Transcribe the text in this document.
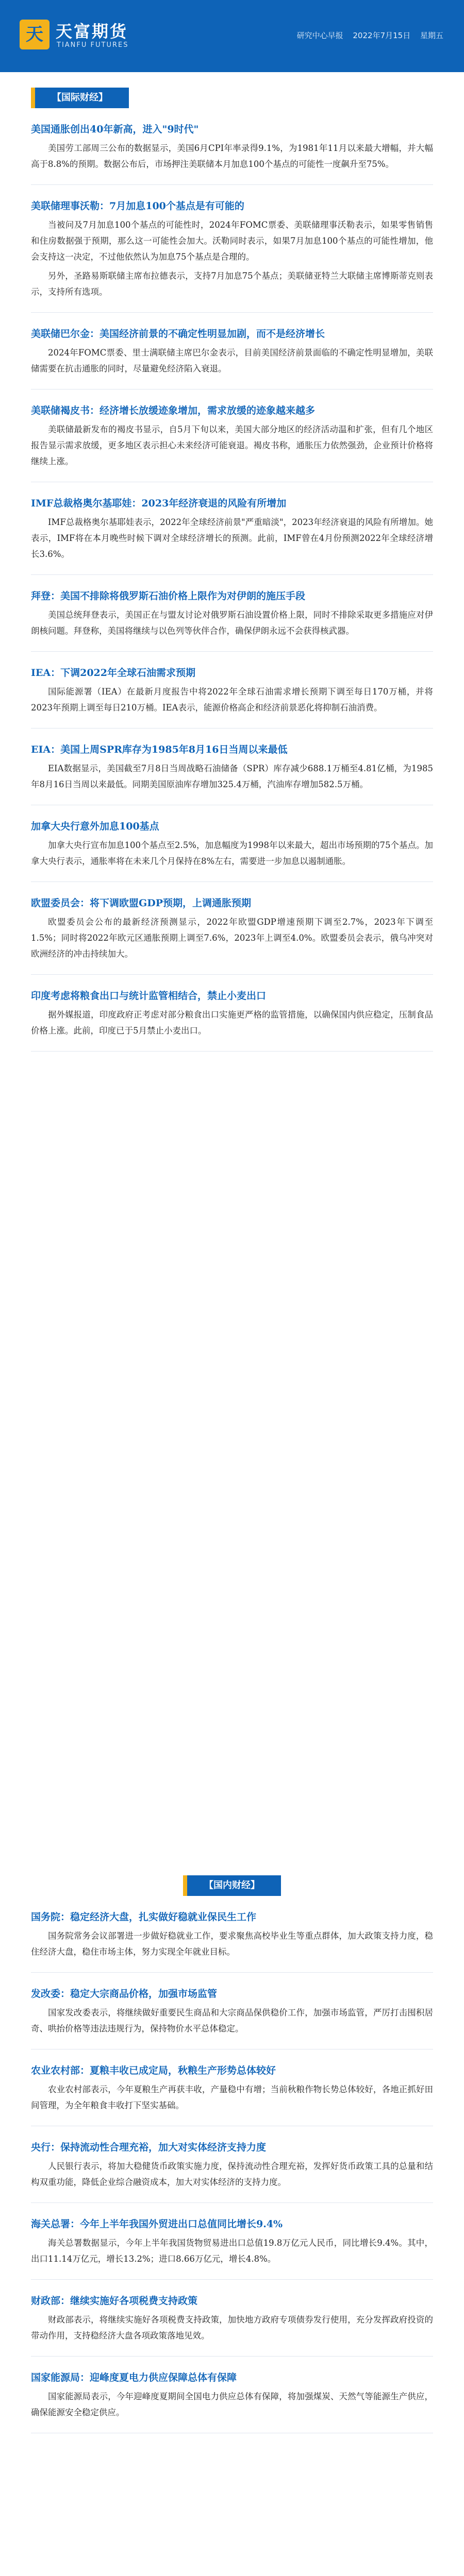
天 天富期货
TIANFU FUTURES
研究中心早报 2022年7月15日 星期五
【国际财经】
美国通胀创出40年新高，进入"9时代"
美国劳工部周三公布的数据显示，美国6月CPI年率录得9.1%，为1981年11月以来最大增幅，并大幅高于8.8%的预期。数据公布后，市场押注美联储本月加息100个基点的可能性一度飙升至75%。
美联储理事沃勒：7月加息100个基点是有可能的
当被问及7月加息100个基点的可能性时，2024年FOMC票委、美联储理事沃勒表示，如果零售销售和住房数据强于预期，那么这一可能性会加大。沃勒同时表示，如果7月加息100个基点的可能性增加，他会支持这一决定，不过他依然认为加息75个基点是合理的。
另外，圣路易斯联储主席布拉德表示，支持7月加息75个基点；美联储亚特兰大联储主席博斯蒂克则表示，支持所有选项。
美联储巴尔金：美国经济前景的不确定性明显加剧，而不是经济增长
2024年FOMC票委、里士满联储主席巴尔金表示，目前美国经济前景面临的不确定性明显增加，美联储需要在抗击通胀的同时，尽量避免经济陷入衰退。
美联储褐皮书：经济增长放缓迹象增加，需求放缓的迹象越来越多
美联储最新发布的褐皮书显示，自5月下旬以来，美国大部分地区的经济活动温和扩张，但有几个地区报告显示需求放缓，更多地区表示担心未来经济可能衰退。褐皮书称，通胀压力依然强劲，企业预计价格将继续上涨。
IMF总裁格奥尔基耶娃：2023年经济衰退的风险有所增加
IMF总裁格奥尔基耶娃表示，2022年全球经济前景"严重暗淡"，2023年经济衰退的风险有所增加。她表示，IMF将在本月晚些时候下调对全球经济增长的预测。此前，IMF曾在4月份预测2022年全球经济增长3.6%。
拜登：美国不排除将俄罗斯石油价格上限作为对伊朗的施压手段
美国总统拜登表示，美国正在与盟友讨论对俄罗斯石油设置价格上限，同时不排除采取更多措施应对伊朗核问题。拜登称，美国将继续与以色列等伙伴合作，确保伊朗永远不会获得核武器。
IEA：下调2022年全球石油需求预期
国际能源署（IEA）在最新月度报告中将2022年全球石油需求增长预期下调至每日170万桶，并将2023年预期上调至每日210万桶。IEA表示，能源价格高企和经济前景恶化将抑制石油消费。
EIA：美国上周SPR库存为1985年8月16日当周以来最低
EIA数据显示，美国截至7月8日当周战略石油储备（SPR）库存减少688.1万桶至4.81亿桶，为1985年8月16日当周以来最低。同期美国原油库存增加325.4万桶，汽油库存增加582.5万桶。
加拿大央行意外加息100基点
加拿大央行宣布加息100个基点至2.5%，加息幅度为1998年以来最大，超出市场预期的75个基点。加拿大央行表示，通胀率将在未来几个月保持在8%左右，需要进一步加息以遏制通胀。
欧盟委员会：将下调欧盟GDP预期，上调通胀预期
欧盟委员会公布的最新经济预测显示，2022年欧盟GDP增速预期下调至2.7%，2023年下调至1.5%；同时将2022年欧元区通胀预期上调至7.6%，2023年上调至4.0%。欧盟委员会表示，俄乌冲突对欧洲经济的冲击持续加大。
印度考虑将粮食出口与统计监管相结合，禁止小麦出口
据外媒报道，印度政府正考虑对部分粮食出口实施更严格的监管措施，以确保国内供应稳定，压制食品价格上涨。此前，印度已于5月禁止小麦出口。
【国内财经】
国务院：稳定经济大盘，扎实做好稳就业保民生工作
国务院常务会议部署进一步做好稳就业工作，要求聚焦高校毕业生等重点群体，加大政策支持力度，稳住经济大盘，稳住市场主体，努力实现全年就业目标。
发改委：稳定大宗商品价格，加强市场监管
国家发改委表示，将继续做好重要民生商品和大宗商品保供稳价工作，加强市场监管，严厉打击囤积居奇、哄抬价格等违法违规行为，保持物价水平总体稳定。
农业农村部：夏粮丰收已成定局，秋粮生产形势总体较好
农业农村部表示，今年夏粮生产再获丰收，产量稳中有增；当前秋粮作物长势总体较好，各地正抓好田间管理，为全年粮食丰收打下坚实基础。
央行：保持流动性合理充裕，加大对实体经济支持力度
人民银行表示，将加大稳健货币政策实施力度，保持流动性合理充裕，发挥好货币政策工具的总量和结构双重功能，降低企业综合融资成本，加大对实体经济的支持力度。
海关总署：今年上半年我国外贸进出口总值同比增长9.4%
海关总署数据显示，今年上半年我国货物贸易进出口总值19.8万亿元人民币，同比增长9.4%。其中，出口11.14万亿元，增长13.2%；进口8.66万亿元，增长4.8%。
财政部：继续实施好各项税费支持政策
财政部表示，将继续实施好各项税费支持政策，加快地方政府专项债券发行使用，充分发挥政府投资的带动作用，支持稳经济大盘各项政策落地见效。
国家能源局：迎峰度夏电力供应保障总体有保障
国家能源局表示，今年迎峰度夏期间全国电力供应总体有保障，将加强煤炭、天然气等能源生产供应，确保能源安全稳定供应。
